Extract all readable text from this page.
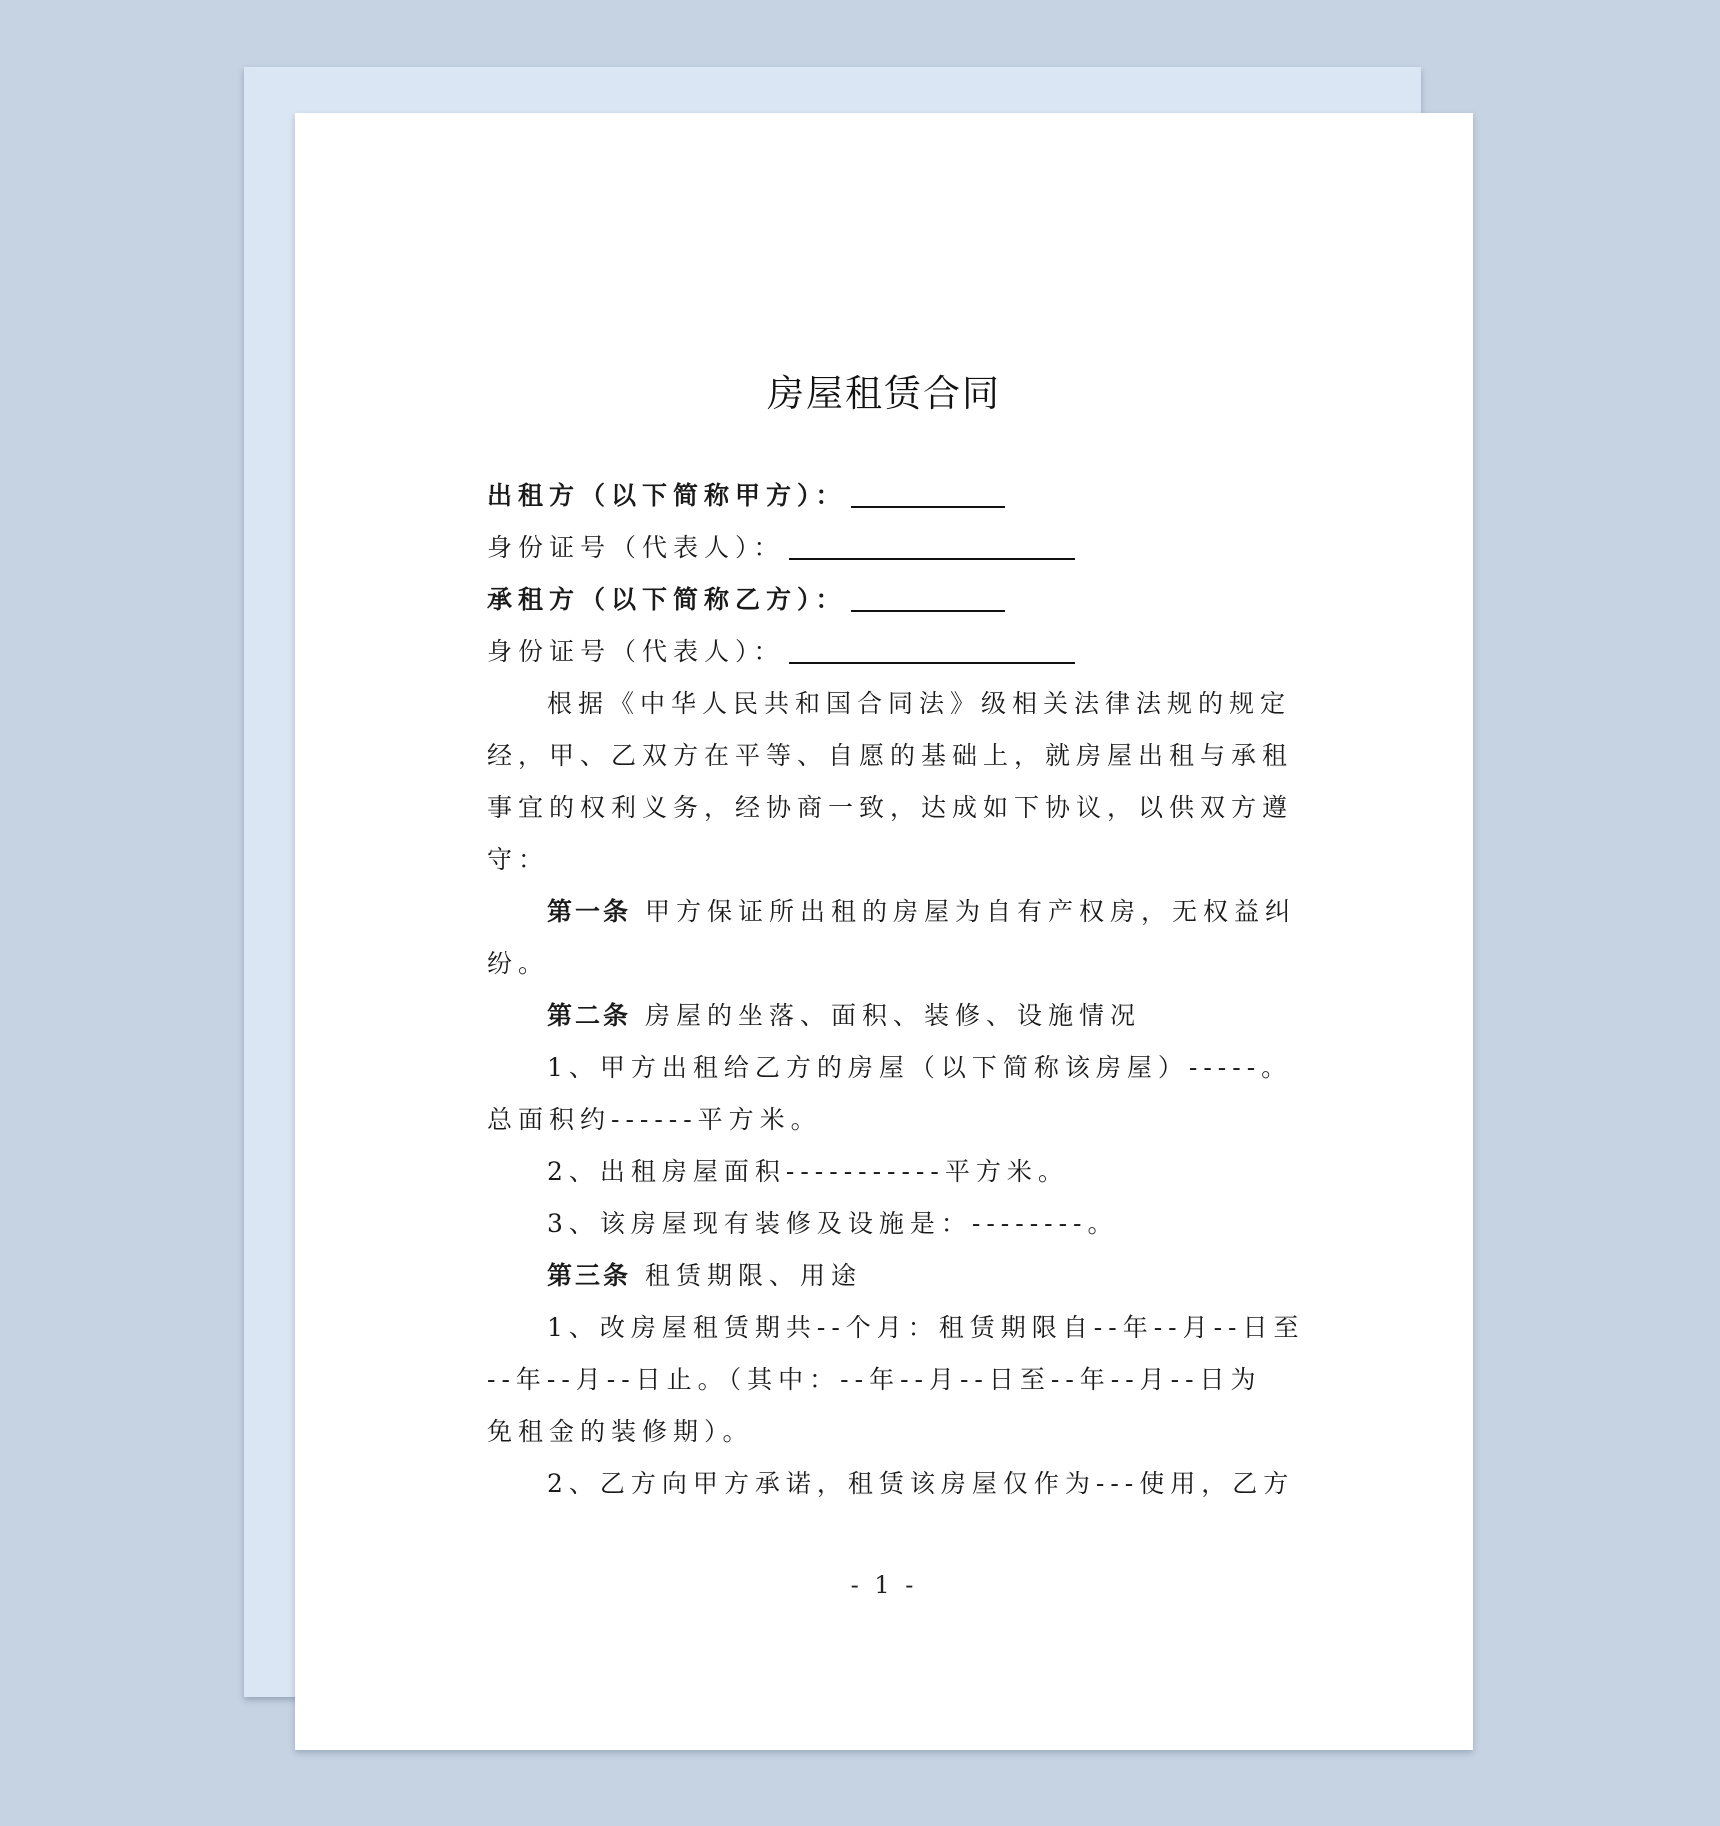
房屋租赁合同
出租方（以下简称甲方）：
身份证号（代表人）：
承租方（以下简称乙方）：
身份证号（代表人）：
根据《中华人民共和国合同法》级相关法律法规的规定
经，甲、乙双方在平等、自愿的基础上，就房屋出租与承租
事宜的权利义务，经协商一致，达成如下协议，以供双方遵
守：
第一条 甲方保证所出租的房屋为自有产权房，无权益纠
纷。
第二条 房屋的坐落、面积、装修、设施情况
1、甲方出租给乙方的房屋（以下简称该房屋）-----。
总面积约------平方米。
2、出租房屋面积-----------平方米。
3、该房屋现有装修及设施是：--------。
第三条 租赁期限、用途
1、改房屋租赁期共--个月：租赁期限自--年--月--日至
--年--月--日止。（其中：--年--月--日至--年--月--日为
免租金的装修期）。
2、乙方向甲方承诺，租赁该房屋仅作为---使用，乙方
- 1 -
